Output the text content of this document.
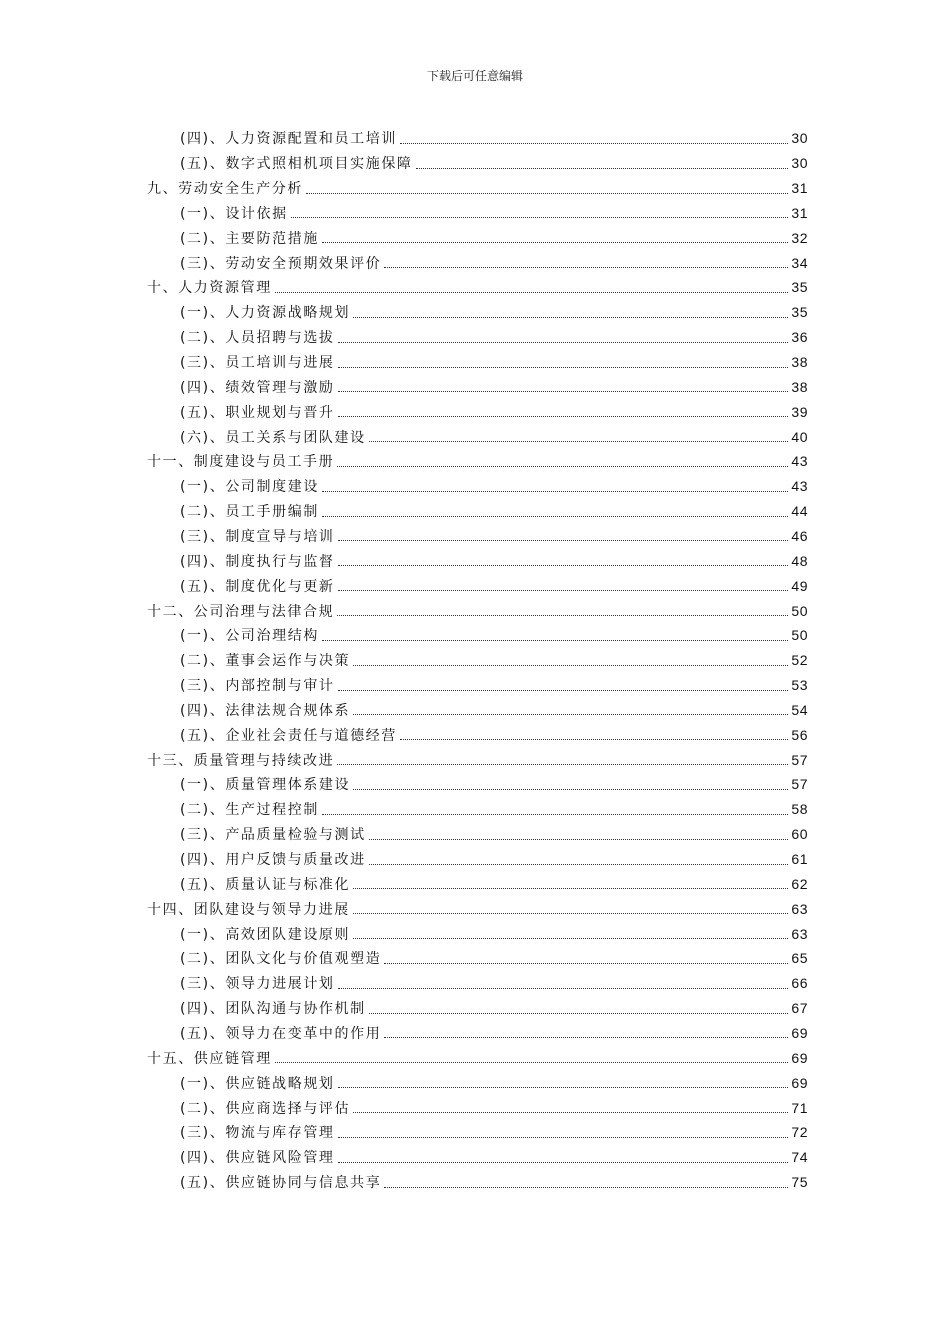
下载后可任意编辑
(四)、人力资源配置和员工培训	30
(五)、数字式照相机项目实施保障	30
九、劳动安全生产分析	31
(一)、设计依据	31
(二)、主要防范措施	32
(三)、劳动安全预期效果评价	34
十、人力资源管理	35
(一)、人力资源战略规划	35
(二)、人员招聘与选拔	36
(三)、员工培训与进展	38
(四)、绩效管理与激励	38
(五)、职业规划与晋升	39
(六)、员工关系与团队建设	40
十一、制度建设与员工手册	43
(一)、公司制度建设	43
(二)、员工手册编制	44
(三)、制度宣导与培训	46
(四)、制度执行与监督	48
(五)、制度优化与更新	49
十二、公司治理与法律合规	50
(一)、公司治理结构	50
(二)、董事会运作与决策	52
(三)、内部控制与审计	53
(四)、法律法规合规体系	54
(五)、企业社会责任与道德经营	56
十三、质量管理与持续改进	57
(一)、质量管理体系建设	57
(二)、生产过程控制	58
(三)、产品质量检验与测试	60
(四)、用户反馈与质量改进	61
(五)、质量认证与标准化	62
十四、团队建设与领导力进展	63
(一)、高效团队建设原则	63
(二)、团队文化与价值观塑造	65
(三)、领导力进展计划	66
(四)、团队沟通与协作机制	67
(五)、领导力在变革中的作用	69
十五、供应链管理	69
(一)、供应链战略规划	69
(二)、供应商选择与评估	71
(三)、物流与库存管理	72
(四)、供应链风险管理	74
(五)、供应链协同与信息共享	75
